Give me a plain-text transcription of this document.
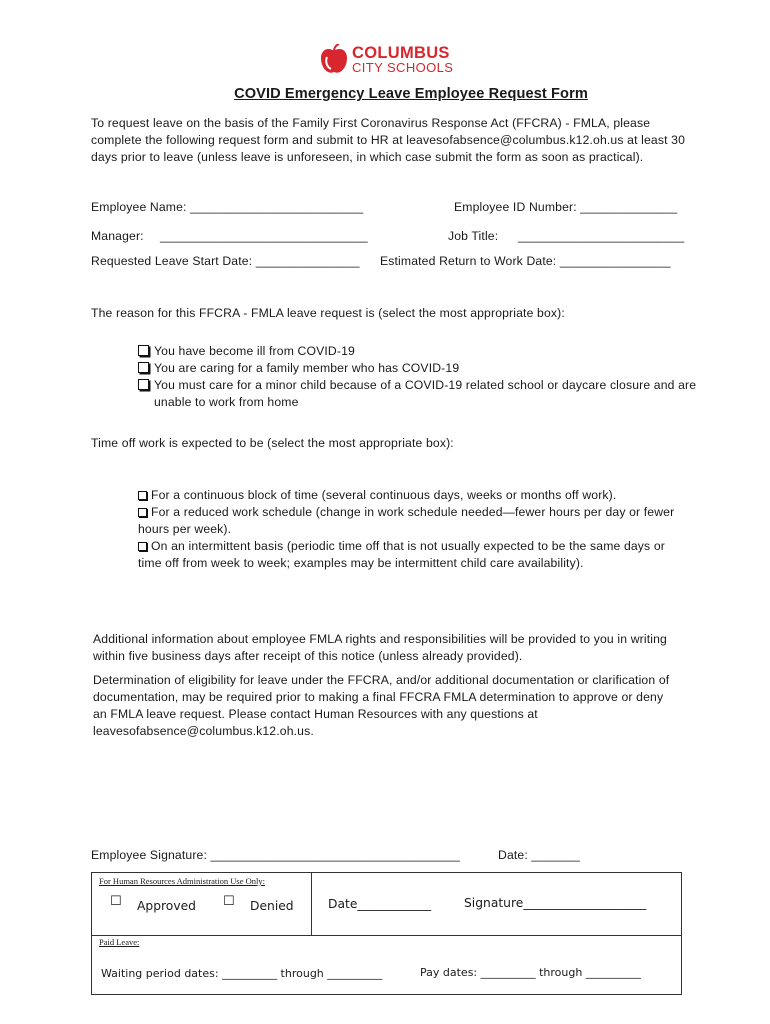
COLUMBUS
CITY SCHOOLS
COVID Emergency Leave Employee Request Form
To request leave on the basis of the Family First Coronavirus Response Act (FFCRA) - FMLA, please
complete the following request form and submit to HR at leavesofabsence@columbus.k12.oh.us at least 30
days prior to leave (unless leave is unforeseen, in which case submit the form as soon as practical).
Employee Name: _________________________	Employee ID Number: ______________
Manager: ______________________________	Job Title: ________________________
Requested Leave Start Date: _______________ Estimated Return to Work Date: ________________
The reason for this FFCRA - FMLA leave request is (select the most appropriate box):
You have become ill from COVID-19
You are caring for a family member who has COVID-19
You must care for a minor child because of a COVID-19 related school or daycare closure and are
unable to work from home
Time off work is expected to be (select the most appropriate box):
For a continuous block of time (several continuous days, weeks or months off work).
For a reduced work schedule (change in work schedule needed—fewer hours per day or fewer
hours per week).
On an intermittent basis (periodic time off that is not usually expected to be the same days or
time off from week to week; examples may be intermittent child care availability).
Additional information about employee FMLA rights and responsibilities will be provided to you in writing
within five business days after receipt of this notice (unless already provided).
Determination of eligibility for leave under the FFCRA, and/or additional documentation or clarification of
documentation, may be required prior to making a final FFCRA FMLA determination to approve or deny
an FMLA leave request. Please contact Human Resources with any questions at
leavesofabsence@columbus.k12.oh.us.
Employee Signature: ____________________________________	Date: _______
For Human Resources Administration Use Only:
☐ Approved ☐ Denied	Date____________	Signature____________________
Paid Leave:
Waiting period dates: __________ through __________	Pay dates: __________ through __________
